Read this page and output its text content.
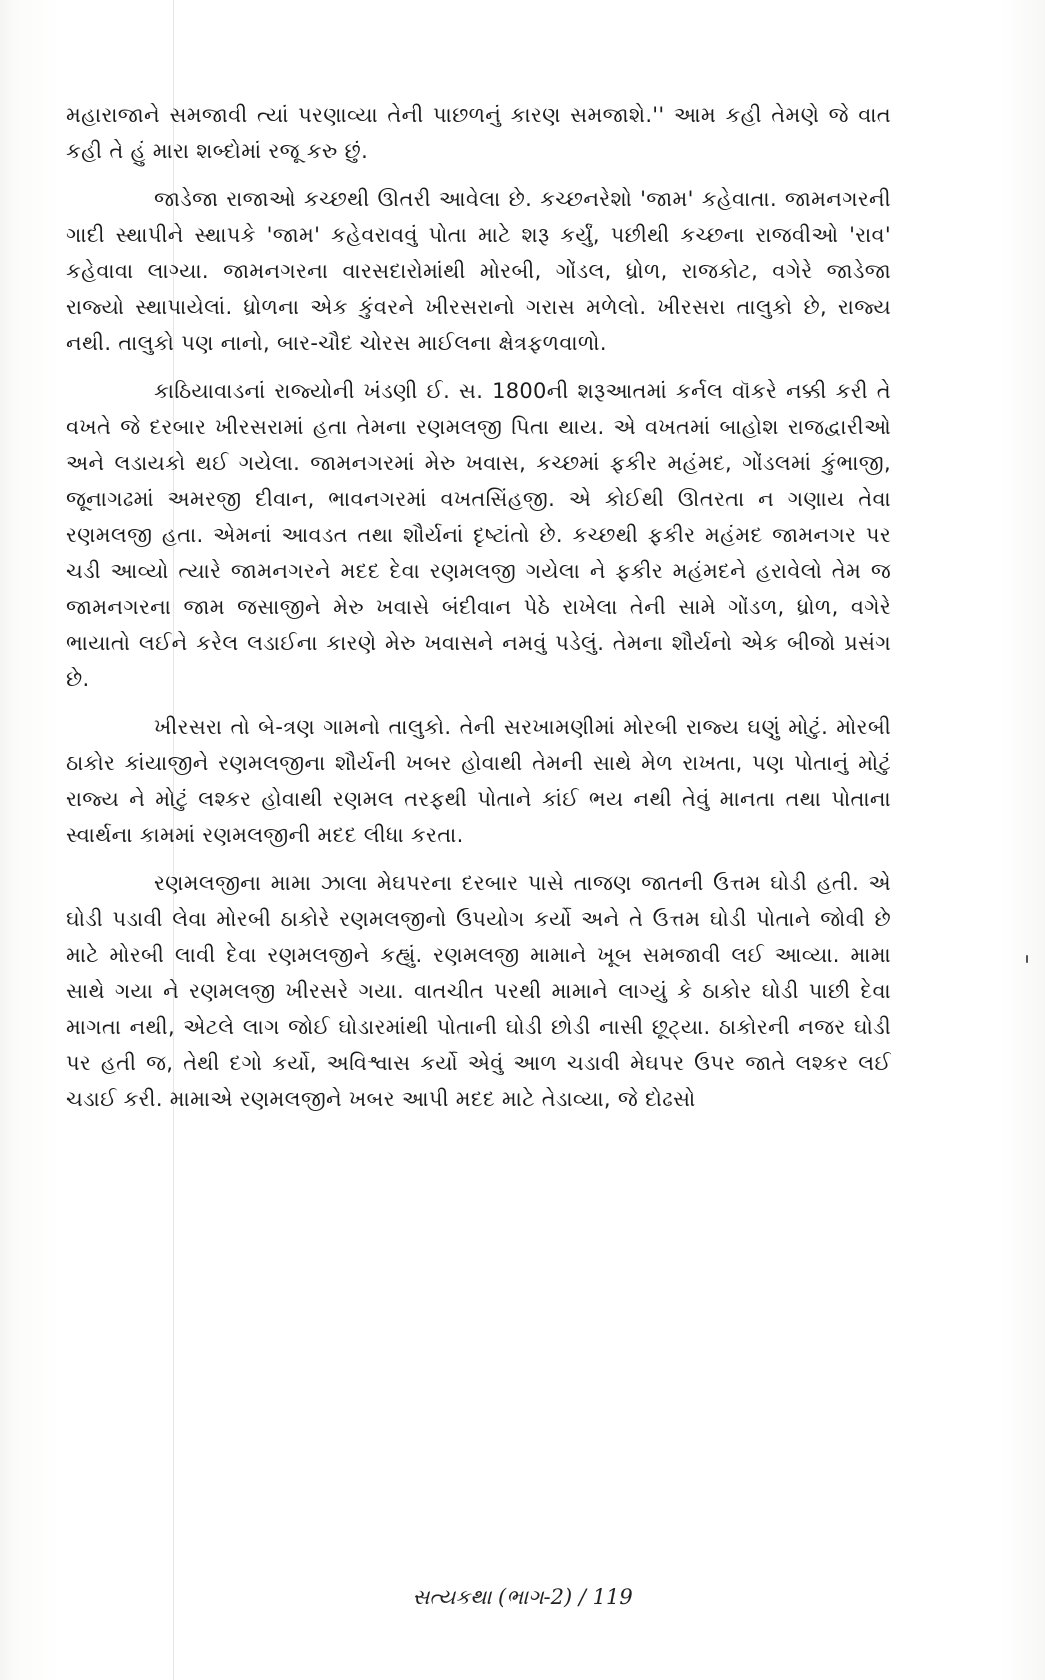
મહારાજાને સમજાવી ત્યાં પરણાવ્યા તેની પાછળનું કારણ સમજાશે.'' આમ કહી તેમણે જે વાત કહી તે હું મારા શબ્દોમાં રજૂ કરુ છું.

જાડેજા રાજાઓ કચ્છથી ઊતરી આવેલા છે. કચ્છનરેશો 'જામ' કહેવાતા. જામનગરની ગાદી સ્થાપીને સ્થાપકે 'જામ' કહેવરાવવું પોતા માટે શરૂ કર્યું, પછીથી કચ્છના રાજવીઓ 'રાવ' કહેવાવા લાગ્યા. જામનગરના વારસદારોમાંથી મોરબી, ગોંડલ, ધ્રોળ, રાજકોટ, વગેરે જાડેજા રાજ્યો સ્થાપાયેલાં. ધ્રોળના એક કુંવરને ખીરસરાનો ગરાસ મળેલો. ખીરસરા તાલુકો છે, રાજ્ય નથી. તાલુકો પણ નાનો, બાર-ચૌદ ચોરસ માઈલના ક્ષેત્રફળવાળો.

કાઠિયાવાડનાં રાજ્યોની ખંડણી ઈ. સ. 1800ની શરૂઆતમાં કર્નલ વૉકરે નક્કી કરી તે વખતે જે દરબાર ખીરસરામાં હતા તેમના રણમલજી પિતા થાય. એ વખતમાં બાહોશ રાજદ્વારીઓ અને લડાયકો થઈ ગયેલા. જામનગરમાં મેરુ ખવાસ, કચ્છમાં ફકીર મહંમદ, ગોંડલમાં કુંભાજી, જૂનાગઢમાં અમરજી દીવાન, ભાવનગરમાં વખતસિંહજી. એ કોઈથી ઊતરતા ન ગણાય તેવા રણમલજી હતા. એમનાં આવડત તથા શૌર્યનાં દૃષ્ટાંતો છે. કચ્છથી ફકીર મહંમદ જામનગર પર ચડી આવ્યો ત્યારે જામનગરને મદદ દેવા રણમલજી ગયેલા ને ફકીર મહંમદને હરાવેલો તેમ જ જામનગરના જામ જસાજીને મેરુ ખવાસે બંદીવાન પેઠે રાખેલા તેની સામે ગોંડળ, ધ્રોળ, વગેરે ભાયાતો લઈને કરેલ લડાઈના કારણે મેરુ ખવાસને નમવું પડેલું. તેમના શૌર્યનો એક બીજો પ્રસંગ છે.

ખીરસરા તો બે-ત્રણ ગામનો તાલુકો. તેની સરખામણીમાં મોરબી રાજ્ય ઘણું મોટું. મોરબી ઠાકોર કાંયાજીને રણમલજીના શૌર્યની ખબર હોવાથી તેમની સાથે મેળ રાખતા, પણ પોતાનું મોટું રાજ્ય ને મોટું લશ્કર હોવાથી રણમલ તરફથી પોતાને કાંઈ ભય નથી તેવું માનતા તથા પોતાના સ્વાર્થના કામમાં રણમલજીની મદદ લીધા કરતા.

રણમલજીના મામા ઝાલા મેઘપરના દરબાર પાસે તાજણ જાતની ઉત્તમ ઘોડી હતી. એ ઘોડી પડાવી લેવા મોરબી ઠાકોરે રણમલજીનો ઉપયોગ કર્યો અને તે ઉત્તમ ઘોડી પોતાને જોવી છે માટે મોરબી લાવી દેવા રણમલજીને કહ્યું. રણમલજી મામાને ખૂબ સમજાવી લઈ આવ્યા. મામા સાથે ગયા ને રણમલજી ખીરસરે ગયા. વાતચીત પરથી મામાને લાગ્યું કે ઠાકોર ઘોડી પાછી દેવા માગતા નથી, એટલે લાગ જોઈ ઘોડારમાંથી પોતાની ઘોડી છોડી નાસી છૂટ્યા. ઠાકોરની નજર ઘોડી પર હતી જ, તેથી દગો કર્યો, અવિશ્વાસ કર્યો એવું આળ ચડાવી મેઘપર ઉપર જાતે લશ્કર લઈ ચડાઈ કરી. મામાએ રણમલજીને ખબર આપી મદદ માટે તેડાવ્યા, જે દોઢસો

સત્યકથા (ભાગ-2) / 119
